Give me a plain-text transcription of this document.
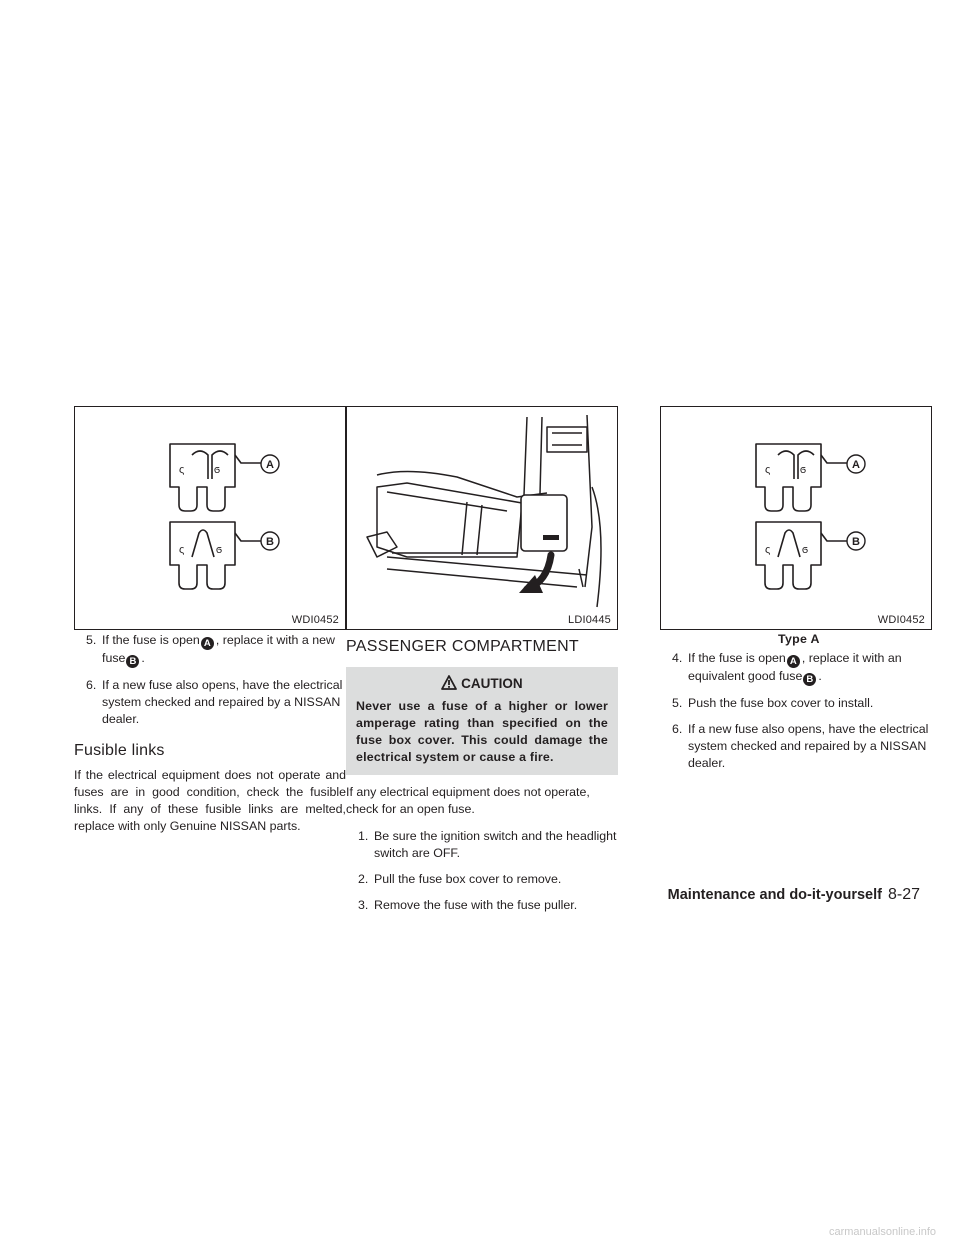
ς	ϭ
ς	ϭ
A
B
WDI0452	LDI0445
ς	ϭ
ς	ϭ
A
B
WDI0452
Type A
5. If the fuse is open A , replace it with a new fuse B .
6. If a new fuse also opens, have the electrical system checked and repaired by a NISSAN dealer.
Fusible links

If the electrical equipment does not operate and fuses are in good condition, check the fusible links. If any of these fusible links are melted, replace with only Genuine NISSAN parts.

PASSENGER COMPARTMENT
CAUTION
Never use a fuse of a higher or lower amperage rating than specified on the fuse box cover. This could damage the electrical system or cause a fire.

If any electrical equipment does not operate, check for an open fuse.

1. Be sure the ignition switch and the headlight switch are OFF.
2. Pull the fuse box cover to remove.
3. Remove the fuse with the fuse puller.
4. If the fuse is open A , replace it with an equivalent good fuse B .
5. Push the fuse box cover to install.
6. If a new fuse also opens, have the electrical system checked and repaired by a NISSAN dealer.
Maintenance and do-it-yourself 8-27
carmanualsonline.info
